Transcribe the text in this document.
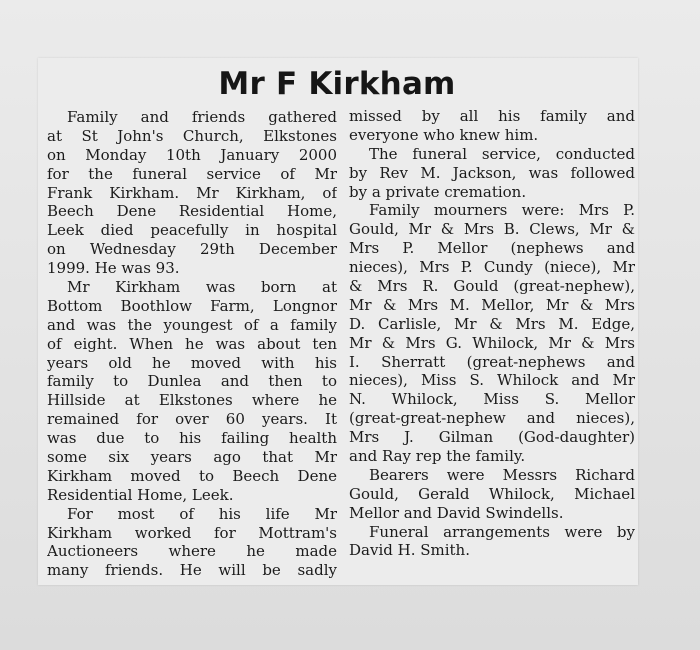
Mr F Kirkham
Family and friends gathered
at St John's Church, Elkstones
on Monday 10th January 2000
for the funeral service of Mr
Frank Kirkham. Mr Kirkham, of
Beech Dene Residential Home,
Leek died peacefully in hospital
on Wednesday 29th December
1999. He was 93.
Mr Kirkham was born at
Bottom Boothlow Farm, Longnor
and was the youngest of a family
of eight. When he was about ten
years old he moved with his
family to Dunlea and then to
Hillside at Elkstones where he
remained for over 60 years. It
was due to his failing health
some six years ago that Mr
Kirkham moved to Beech Dene
Residential Home, Leek.
For most of his life Mr
Kirkham worked for Mottram's
Auctioneers where he made
many friends. He will be sadly
missed by all his family and
everyone who knew him.
The funeral service, conducted
by Rev M. Jackson, was followed
by a private cremation.
Family mourners were: Mrs P.
Gould, Mr & Mrs B. Clews, Mr &
Mrs P. Mellor (nephews and
nieces), Mrs P. Cundy (niece), Mr
& Mrs R. Gould (great-nephew),
Mr & Mrs M. Mellor, Mr & Mrs
D. Carlisle, Mr & Mrs M. Edge,
Mr & Mrs G. Whilock, Mr & Mrs
I. Sherratt (great-nephews and
nieces), Miss S. Whilock and Mr
N. Whilock, Miss S. Mellor
(great-great-nephew and nieces),
Mrs J. Gilman (God-daughter)
and Ray rep the family.
Bearers were Messrs Richard
Gould, Gerald Whilock, Michael
Mellor and David Swindells.
Funeral arrangements were by
David H. Smith.
